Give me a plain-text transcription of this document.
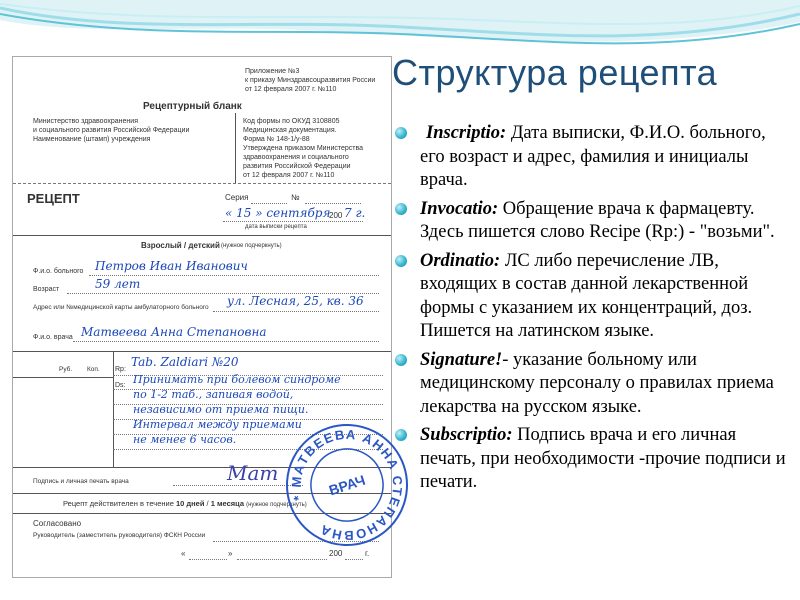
Приложение №3
к приказу Минздравсоцразвития России
от 12 февраля 2007 г. №110
Рецептурный бланк
Министерство здравоохранения
и социального развития Российской Федерации
Наименование (штамп) учреждения
Код формы по ОКУД 3108805
Медицинская документация.
Форма № 148-1/у-88
Утверждена приказом Министерства
здравоохранения и социального
развития Российской Федерации
от 12 февраля 2007 г. №110
РЕЦЕПТ	Серия	№
« 15 » сентября
200 7 г.
дата выписки рецепта
Взрослый / детский (нужное подчеркнуть)
Ф.и.о. больного Петров Иван Иванович
Возраст	59 лет
Адрес или №медицинской карты амбулаторного больного ул. Лесная, 25, кв. 36
Ф.и.о. врача Матвеева Анна Степановна
Руб. Коп. Rp:
Tab. Zaldiari №20
Ds: Принимать при болевом синдроме
по 1-2 таб., запивая водой,
независимо от приема пищи.
Интервал между приемами
не менее 6 часов.
Мат
Подпись и личная печать врача
Рецепт действителен в течение 10 дней / 1 месяца (нужное подчеркнуть)
Согласовано
Руководитель (заместитель руководителя) ФСКН России
«	»	200	г.
* МАТВЕЕВА АННА СТЕПАНОВНА
ВРАЧ
Структура рецепта
Inscriptio: Дата выписки, Ф.И.О. больного, его возраст и адрес, фамилия и инициалы врача.
Invocatio: Обращение врача к фармацевту. Здесь пишется слово Recipe (Rp:) - "возьми".
Ordinatio: ЛС либо перечисление ЛВ, входящих в состав данной лекарственной формы с указанием их концентраций, доз. Пишется на латинском языке.
Signature!- указание больному или медицинскому персоналу о правилах приема лекарства на русском языке.
Subscriptio: Подпись врача и его личная печать, при необходимости -прочие подписи и печати.
